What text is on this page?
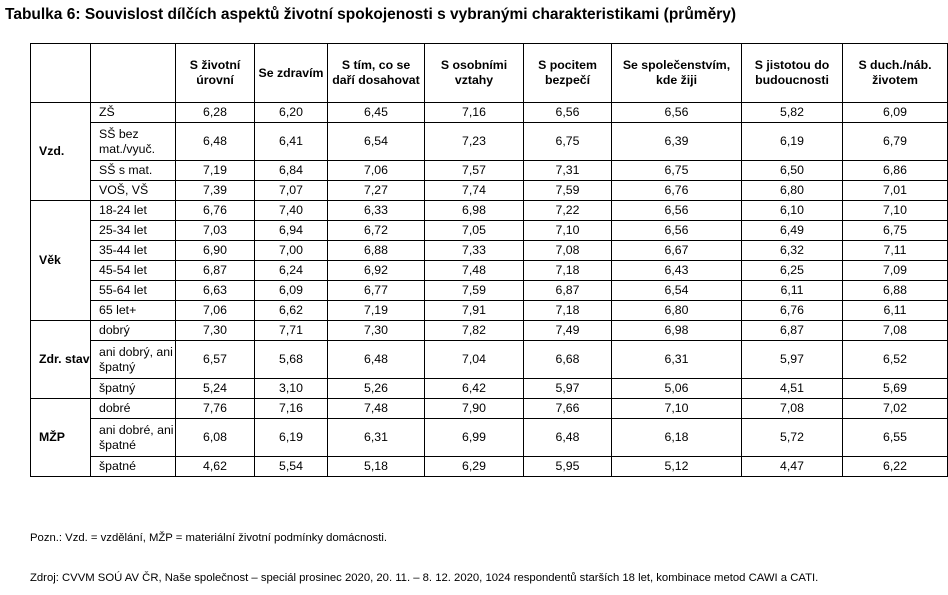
Tabulka 6: Souvislost dílčích aspektů životní spokojenosti s vybranými charakteristikami (průměry)
		S životní úrovní	Se zdravím	S tím, co se daří dosahovat	S osobními vztahy	S pocitem bezpečí	Se společenstvím, kde žiji	S jistotou do budoucnosti	S duch./náb. životem
Vzd.	ZŠ	6,28	6,20	6,45	7,16	6,56	6,56	5,82	6,09
	SŠ bez mat./vyuč.	6,48	6,41	6,54	7,23	6,75	6,39	6,19	6,79
	SŠ s mat.	7,19	6,84	7,06	7,57	7,31	6,75	6,50	6,86
	VOŠ, VŠ	7,39	7,07	7,27	7,74	7,59	6,76	6,80	7,01
Věk	18-24 let	6,76	7,40	6,33	6,98	7,22	6,56	6,10	7,10
	25-34 let	7,03	6,94	6,72	7,05	7,10	6,56	6,49	6,75
	35-44 let	6,90	7,00	6,88	7,33	7,08	6,67	6,32	7,11
	45-54 let	6,87	6,24	6,92	7,48	7,18	6,43	6,25	7,09
	55-64 let	6,63	6,09	6,77	7,59	6,87	6,54	6,11	6,88
	65 let+	7,06	6,62	7,19	7,91	7,18	6,80	6,76	6,11
Zdr. stav	dobrý	7,30	7,71	7,30	7,82	7,49	6,98	6,87	7,08
	ani dobrý, ani špatný	6,57	5,68	6,48	7,04	6,68	6,31	5,97	6,52
	špatný	5,24	3,10	5,26	6,42	5,97	5,06	4,51	5,69
MŽP	dobré	7,76	7,16	7,48	7,90	7,66	7,10	7,08	7,02
	ani dobré, ani špatné	6,08	6,19	6,31	6,99	6,48	6,18	5,72	6,55
	špatné	4,62	5,54	5,18	6,29	5,95	5,12	4,47	6,22
Pozn.: Vzd. = vzdělání, MŽP = materiální životní podmínky domácnosti.
Zdroj: CVVM SOÚ AV ČR, Naše společnost – speciál prosinec 2020, 20. 11. – 8. 12. 2020, 1024 respondentů starších 18 let, kombinace metod CAWI a CATI.
